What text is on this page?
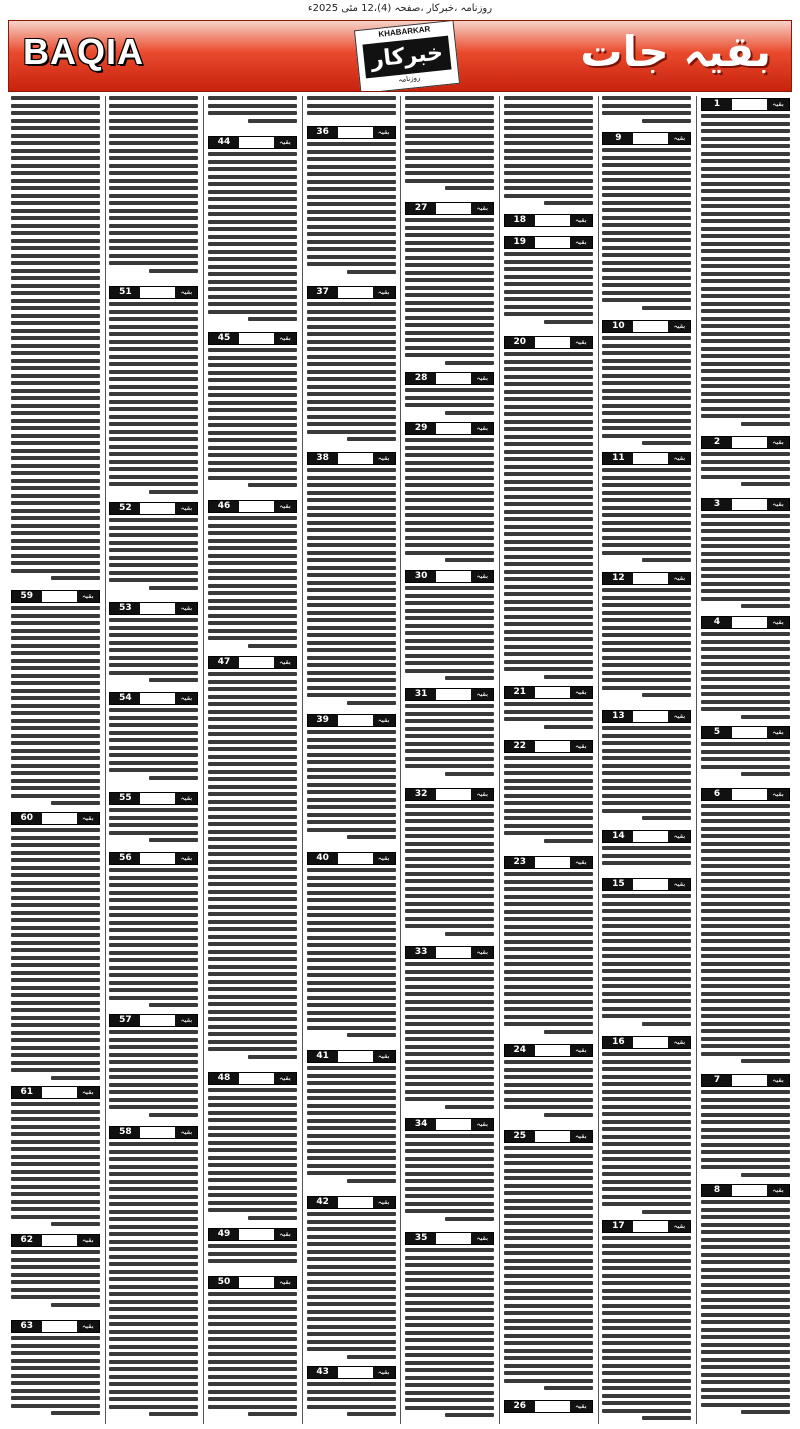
روزنامہ ،خبرکار ،صفحہ (4)،12 مئی 2025ء
BAQIA	KHABARKAR
خبرکار
روزنامہ
بقیہ جات
1	بقیہ
2	بقیہ
3	بقیہ
4	بقیہ
5	بقیہ
6	بقیہ
7	بقیہ
8	بقیہ
9	بقیہ
10	بقیہ
11	بقیہ
12	بقیہ
13	بقیہ
14	بقیہ
15	بقیہ
16	بقیہ
17	بقیہ
18	بقیہ
19	بقیہ
20	بقیہ
21	بقیہ
22	بقیہ
23	بقیہ
24	بقیہ
25	بقیہ
26	بقیہ
27	بقیہ
28	بقیہ
29	بقیہ
30	بقیہ
31	بقیہ
32	بقیہ
33	بقیہ
34	بقیہ
35	بقیہ
36	بقیہ
37	بقیہ
38	بقیہ
39	بقیہ
40	بقیہ
41	بقیہ
42	بقیہ
43	بقیہ
44	بقیہ
45	بقیہ
46	بقیہ
47	بقیہ
48	بقیہ
49	بقیہ
50	بقیہ
51	بقیہ
52	بقیہ
53	بقیہ
54	بقیہ
55	بقیہ
56	بقیہ
57	بقیہ
58	بقیہ
59	بقیہ
60	بقیہ
61	بقیہ
62	بقیہ
63	بقیہ
